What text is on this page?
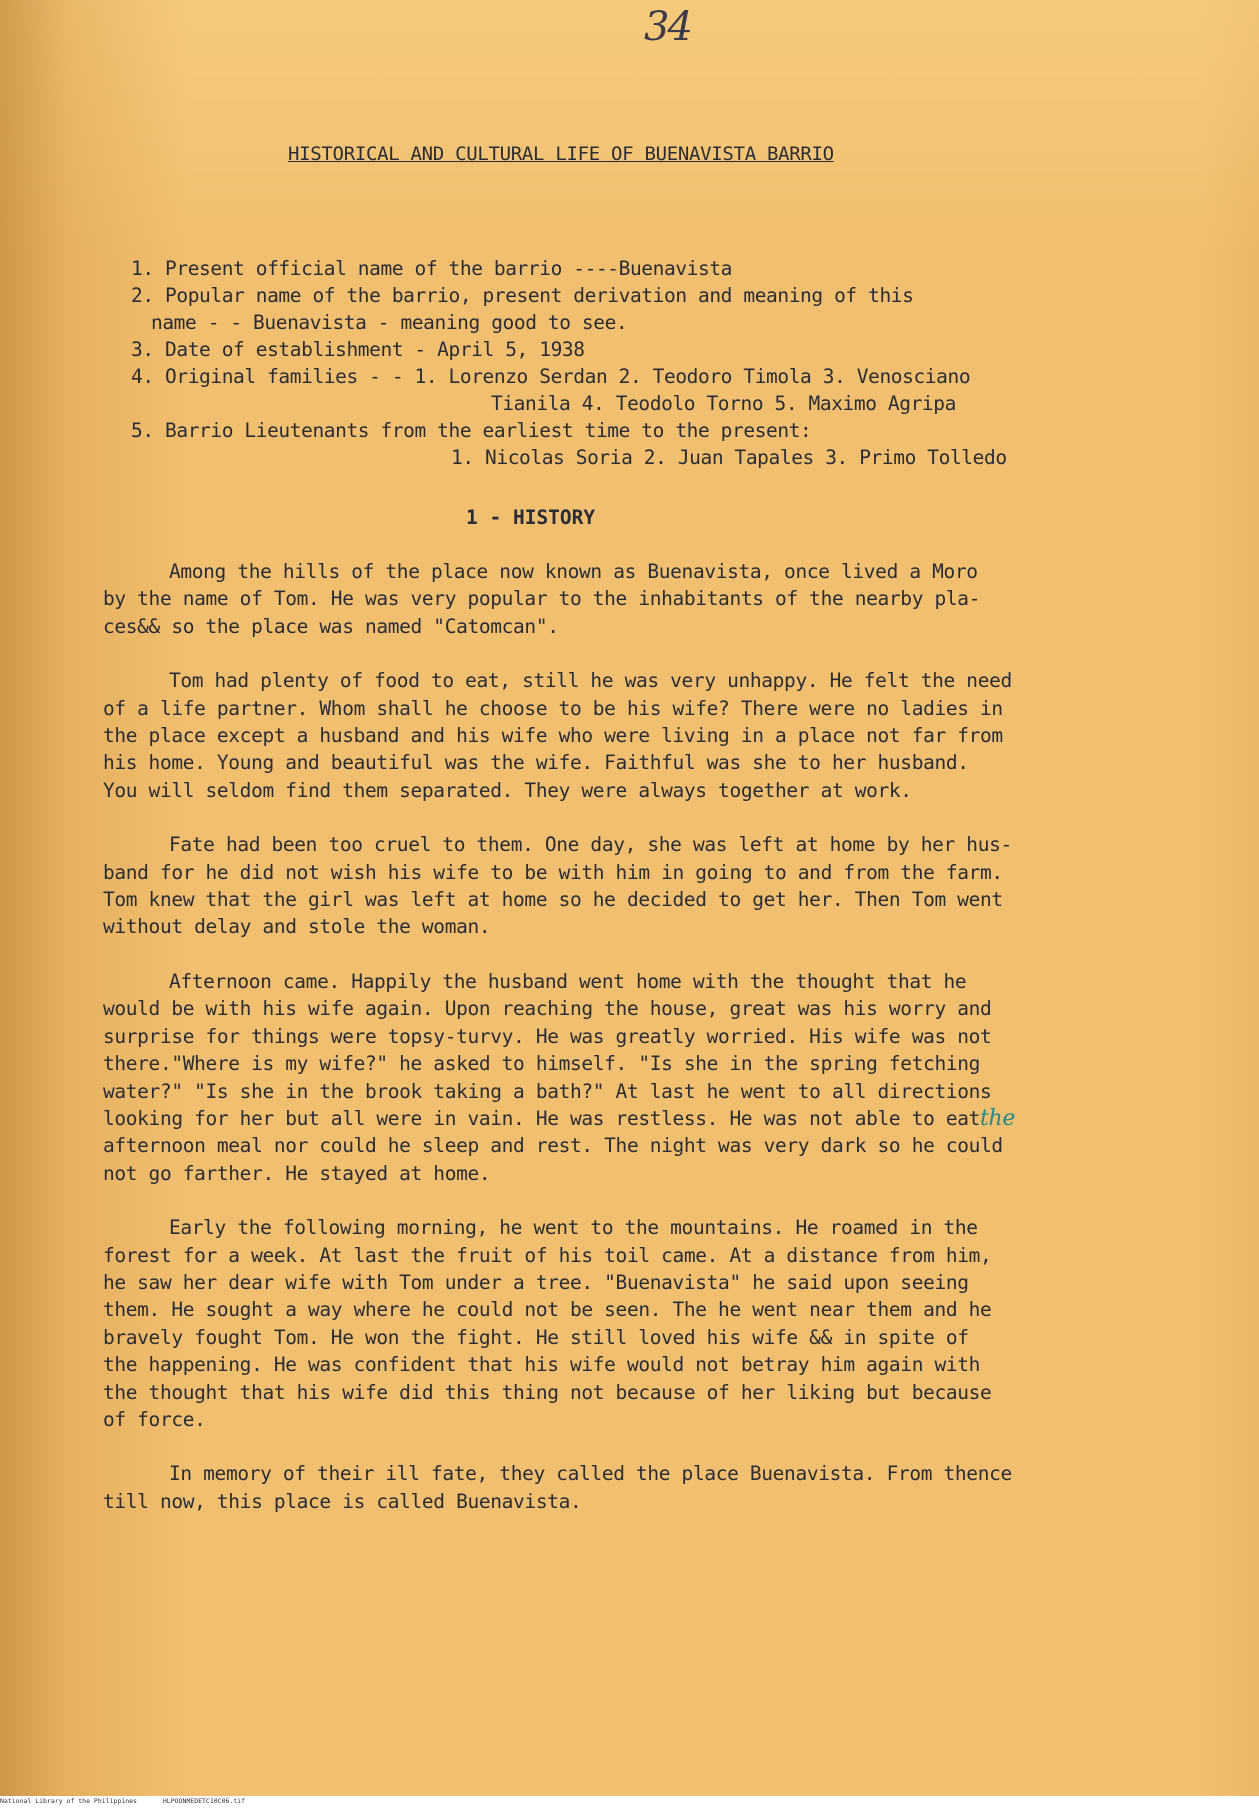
34
HISTORICAL AND CULTURAL LIFE OF BUENAVISTA BARRIO
1. Present official name of the barrio ----Buenavista
2. Popular name of the barrio, present derivation and meaning of this
name - - Buenavista - meaning good to see.
3. Date of establishment - April 5, 1938
4. Original families - - 1. Lorenzo Serdan 2. Teodoro Timola 3. Venosciano
Tianila 4. Teodolo Torno 5. Maximo Agripa
5. Barrio Lieutenants from the earliest time to the present:
1. Nicolas Soria 2. Juan Tapales 3. Primo Tolledo
1 - HISTORY
Among the hills of the place now known as Buenavista, once lived a Moro
by the name of Tom. He was very popular to the inhabitants of the nearby pla-
ces&& so the place was named "Catomcan".
Tom had plenty of food to eat, still he was very unhappy. He felt the need
of a life partner. Whom shall he choose to be his wife? There were no ladies in
the place except a husband and his wife who were living in a place not far from
his home. Young and beautiful was the wife. Faithful was she to her husband.
You will seldom find them separated. They were always together at work.
Fate had been too cruel to them. One day, she was left at home by her hus-
band for he did not wish his wife to be with him in going to and from the farm.
Tom knew that the girl was left at home so he decided to get her. Then Tom went
without delay and stole the woman.
Afternoon came. Happily the husband went home with the thought that he
would be with his wife again. Upon reaching the house, great was his worry and
surprise for things were topsy-turvy. He was greatly worried. His wife was not
there."Where is my wife?" he asked to himself. "Is she in the spring fetching
water?" "Is she in the brook taking a bath?" At last he went to all directions
looking for her but all were in vain. He was restless. He was not able to eatthe
afternoon meal nor could he sleep and rest. The night was very dark so he could
not go farther. He stayed at home.
Early the following morning, he went to the mountains. He roamed in the
forest for a week. At last the fruit of his toil came. At a distance from him,
he saw her dear wife with Tom under a tree. "Buenavista" he said upon seeing
them. He sought a way where he could not be seen. The he went near them and he
bravely fought Tom. He won the fight. He still loved his wife && in spite of
the happening. He was confident that his wife would not betray him again with
the thought that his wife did this thing not because of her liking but because
of force.
In memory of their ill fate, they called the place Buenavista. From thence
till now, this place is called Buenavista.
National Library of the Philippines	HLPOONMEDETC10C06.tif
